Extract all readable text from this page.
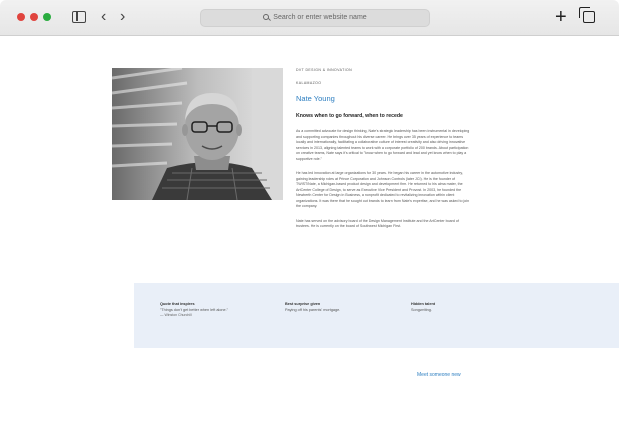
‹ ›	Search or enter website name	+
DVT DESIGN & INNOVATION
KALAMAZOO
Nate Young
Knows when to go forward, when to recede

As a committed advocate for design thinking, Nate's strategic leadership has been instrumental in developing and supporting companies throughout his diverse career. He brings over 35 years of experience to teams locally and internationally, facilitating a collaborative culture of interest creativity and also driving innovative services in 2013, aligning talented teams to work with a corporate portfolio of 200 brands. About participation on creative teams, Nate says it's critical to "know when to go forward and lead and yet know when to play a supportive role."

He has led innovation at large organizations for 30 years. He began his career in the automotive industry, gaining leadership roles at Prince Corporation and Johnson Controls (later JCI). He is the founder of TWIST/Nate, a Michigan-based product design and development firm. He returned to his alma mater, the ArtCenter College of Design, to serve as Executive Vice President and Provost. In 2003, he founded the Newberth Center for Design in Business, a nonprofit dedicated to revitalizing innovation within client organizations. It was there that he sought out brands to learn from Nate's expertise, and he was asked to join the company.

Nate has served on the advisory board of the Design Management Institute and the ArtCenter board of trustees. He is currently on the board of Southwest Michigan First.

Quote that inspires
"Things don't get better when left alone."
— Winston Churchill
Best surprise given
Paying off his parents' mortgage.
Hidden talent
Songwriting.
Meet someone new
